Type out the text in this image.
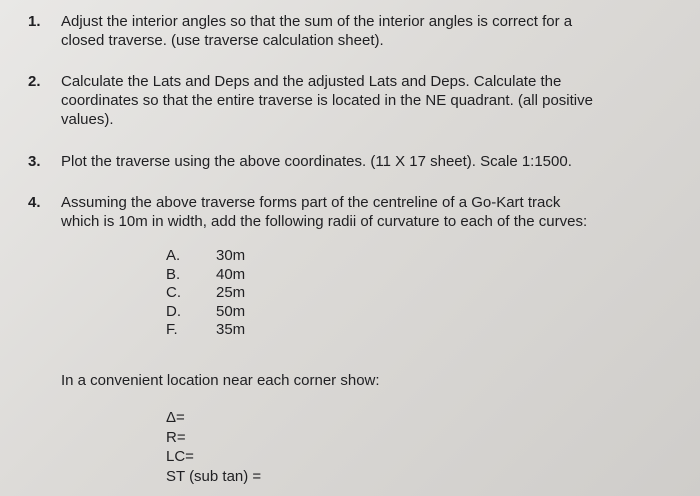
1.	Adjust the interior angles so that the sum of the interior angles is correct for a
closed traverse. (use traverse calculation sheet).
2.	Calculate the Lats and Deps and the adjusted Lats and Deps. Calculate the
coordinates so that the entire traverse is located in the NE quadrant. (all positive
values).
3.	Plot the traverse using the above coordinates. (11 X 17 sheet). Scale 1:1500.
4.	Assuming the above traverse forms part of the centreline of a Go-Kart track
which is 10m in width, add the following radii of curvature to each of the curves:
A. 30m
B. 40m
C. 25m
D. 50m
F.	35m
In a convenient location near each corner show:
Δ=
R=
LC=
ST (sub tan) =
